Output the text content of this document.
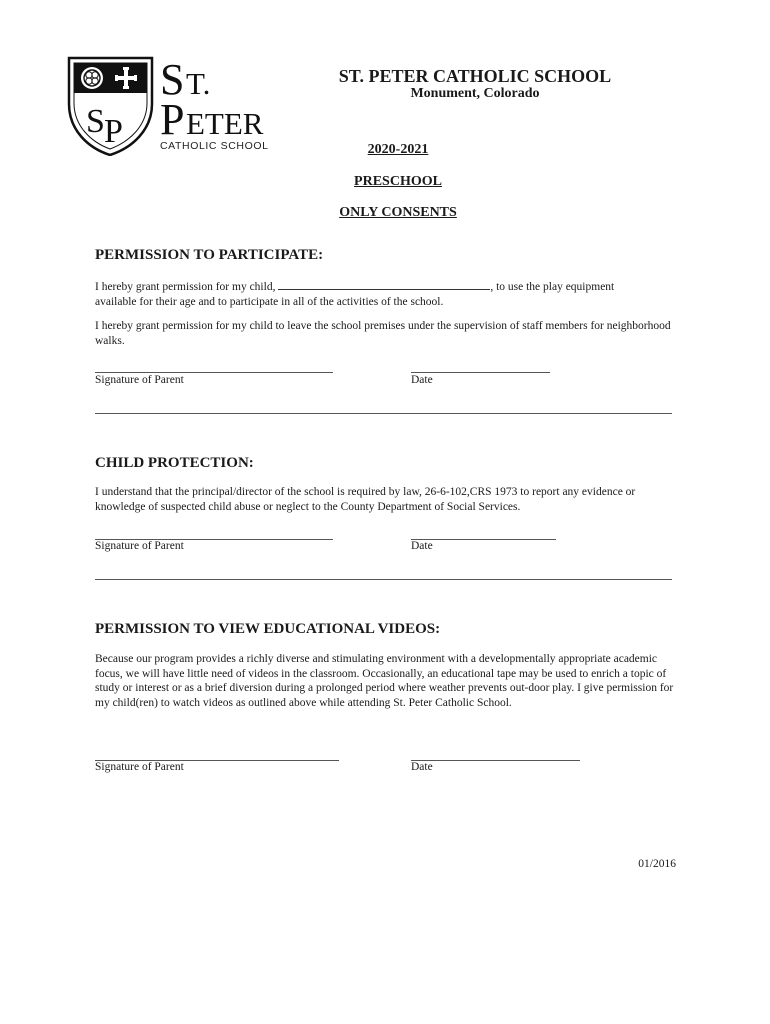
S P
S T.
P ETER
CATHOLIC SCHOOL
ST. PETER CATHOLIC SCHOOL
Monument, Colorado
2020-2021
PRESCHOOL
ONLY CONSENTS
PERMISSION TO PARTICIPATE:
I hereby grant permission for my child,	, to use the play equipment
available for their age and to participate in all of the activities of the school.
I hereby grant permission for my child to leave the school premises under the supervision of staff members for neighborhood walks.
Signature of Parent	Date
CHILD PROTECTION:
I understand that the principal/director of the school is required by law, 26-6-102,CRS 1973 to report any evidence or knowledge of suspected child abuse or neglect to the County Department of Social Services.
Signature of Parent	Date
PERMISSION TO VIEW EDUCATIONAL VIDEOS:
Because our program provides a richly diverse and stimulating environment with a developmentally appropriate academic focus, we will have little need of videos in the classroom. Occasionally, an educational tape may be used to enrich a topic of study or interest or as a brief diversion during a prolonged period where weather prevents out-door play. I give permission for my child(ren) to watch videos as outlined above while attending St. Peter Catholic School.
Signature of Parent	Date
01/2016
